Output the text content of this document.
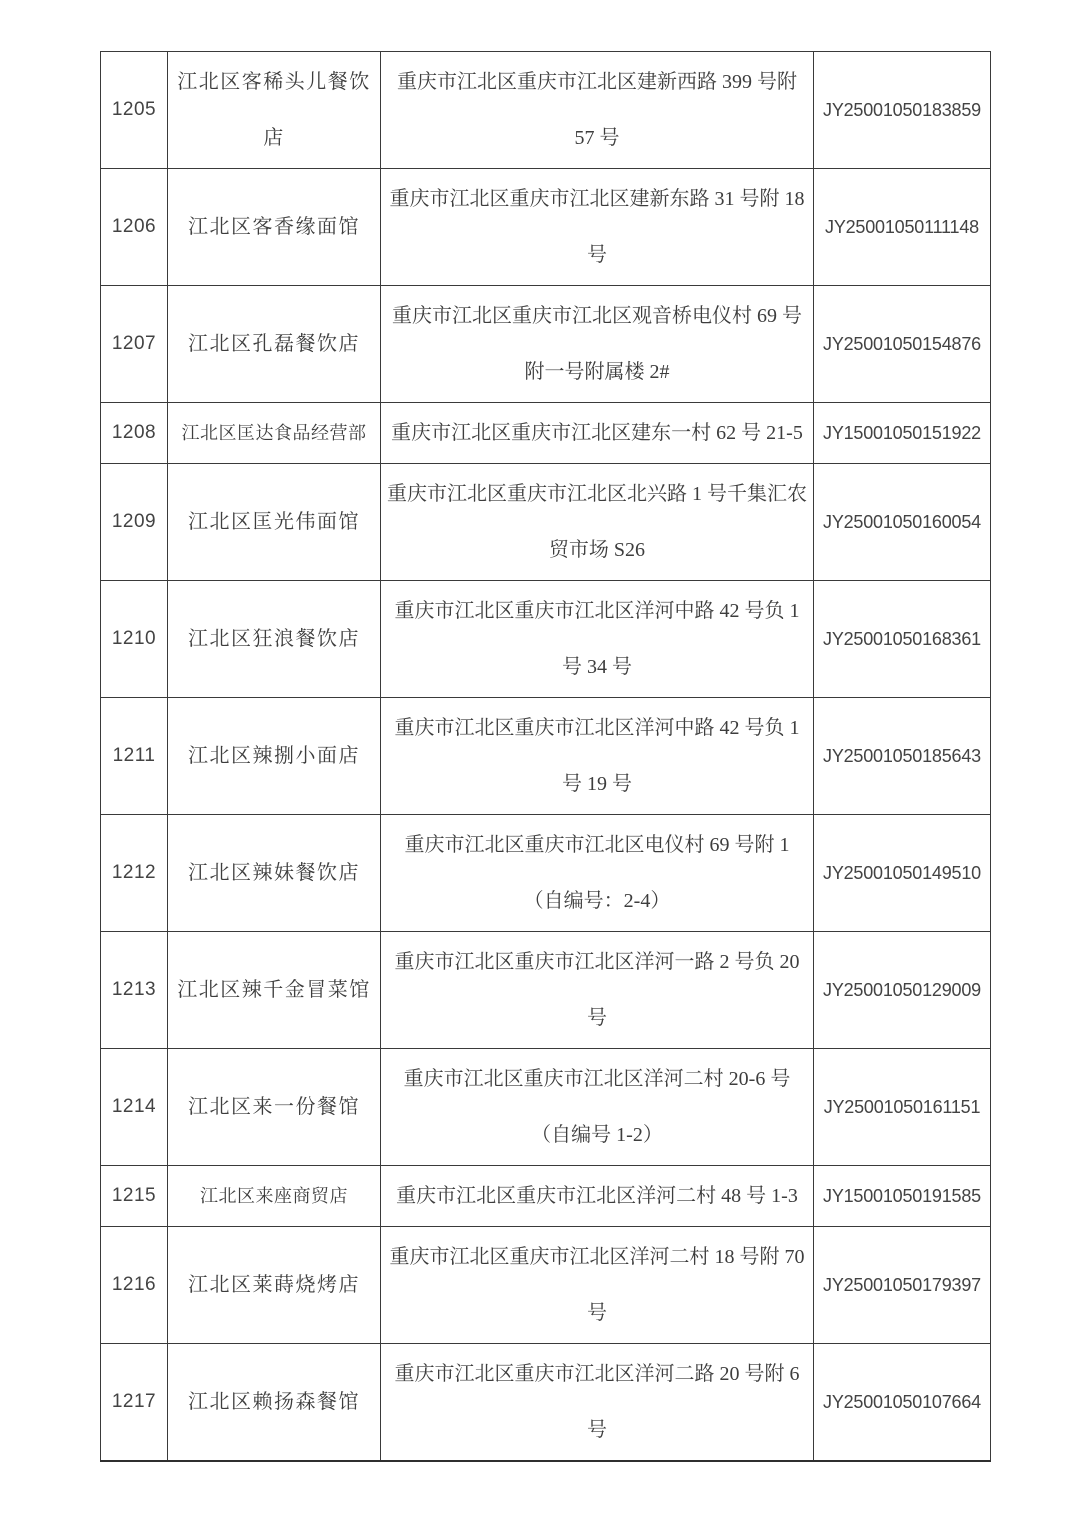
1205	江北区客稀头儿餐饮店	重庆市江北区重庆市江北区建新西路 399 号附 57 号	JY25001050183859
1206	江北区客香缘面馆	重庆市江北区重庆市江北区建新东路 31 号附 18 号	JY25001050111148
1207	江北区孔磊餐饮店	重庆市江北区重庆市江北区观音桥电仪村 69 号附一号附属楼 2#	JY25001050154876
1208	江北区匡达食品经营部	重庆市江北区重庆市江北区建东一村 62 号 21-5	JY15001050151922
1209	江北区匡光伟面馆	重庆市江北区重庆市江北区北兴路 1 号千集汇农贸市场 S26	JY25001050160054
1210	江北区狂浪餐饮店	重庆市江北区重庆市江北区洋河中路 42 号负 1 号 34 号	JY25001050168361
1211	江北区辣捌小面店	重庆市江北区重庆市江北区洋河中路 42 号负 1 号 19 号	JY25001050185643
1212	江北区辣妹餐饮店	重庆市江北区重庆市江北区电仪村 69 号附 1（自编号：2-4）	JY25001050149510
1213	江北区辣千金冒菜馆	重庆市江北区重庆市江北区洋河一路 2 号负 20 号	JY25001050129009
1214	江北区来一份餐馆	重庆市江北区重庆市江北区洋河二村 20-6 号（自编号 1-2）	JY25001050161151
1215	江北区来座商贸店	重庆市江北区重庆市江北区洋河二村 48 号 1-3	JY15001050191585
1216	江北区莱蒔烧烤店	重庆市江北区重庆市江北区洋河二村 18 号附 70 号	JY25001050179397
1217	江北区赖扬森餐馆	重庆市江北区重庆市江北区洋河二路 20 号附 6 号	JY25001050107664
